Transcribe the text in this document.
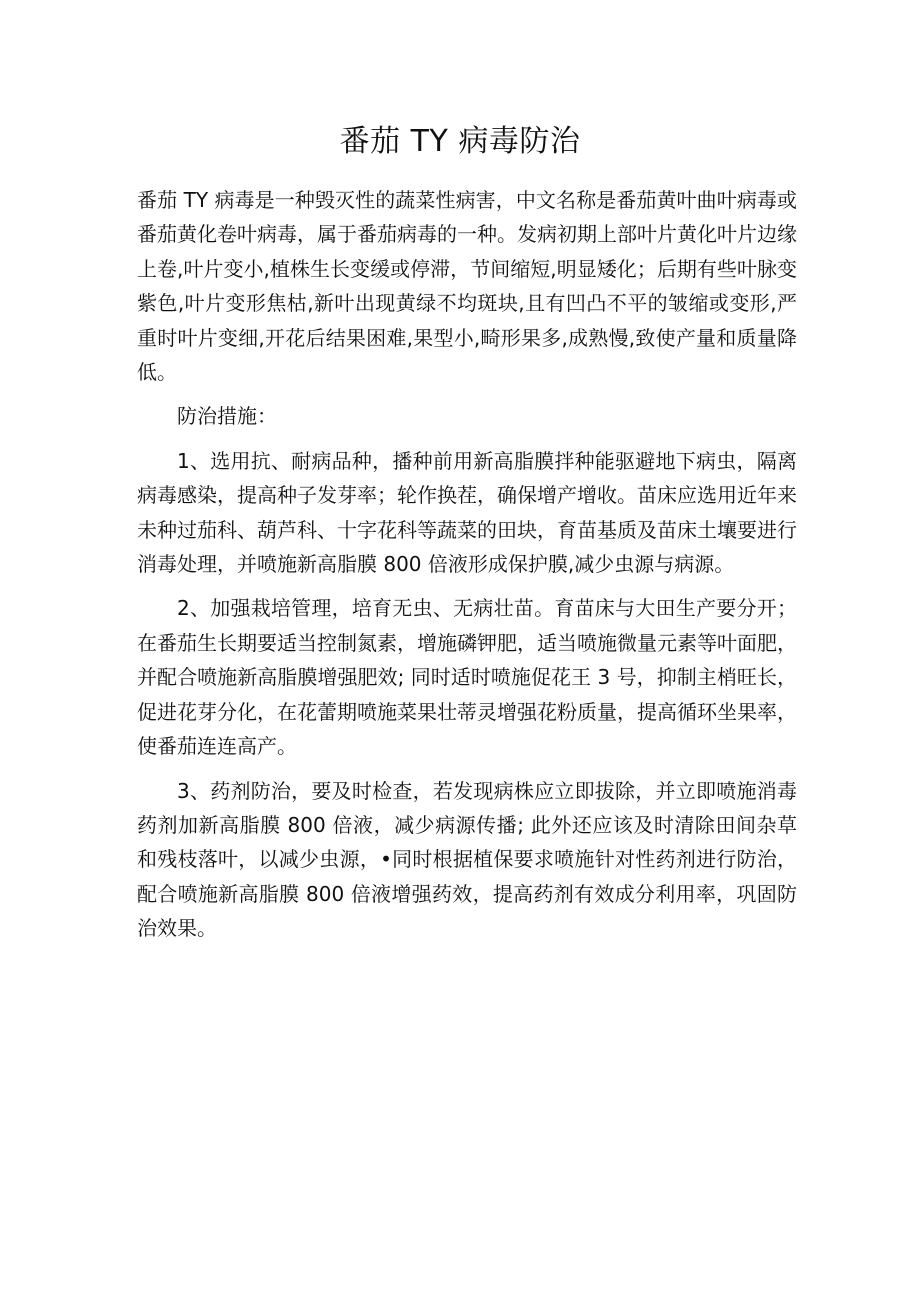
番茄 TY 病毒防治

番茄 TY 病毒是一种毁灭性的蔬菜性病害，中文名称是番茄黄叶曲叶病毒或番茄黄化卷叶病毒，属于番茄病毒的一种。发病初期上部叶片黄化叶片边缘上卷,叶片变小,植株生长变缓或停滞，节间缩短,明显矮化；后期有些叶脉变紫色,叶片变形焦枯,新叶出现黄绿不均斑块,且有凹凸不平的皱缩或变形,严重时叶片变细,开花后结果困难,果型小,畸形果多,成熟慢,致使产量和质量降低。

防治措施：

1、选用抗、耐病品种，播种前用新高脂膜拌种能驱避地下病虫，隔离病毒感染，提高种子发芽率；轮作换茬，确保增产增收。苗床应选用近年来未种过茄科、葫芦科、十字花科等蔬菜的田块，育苗基质及苗床土壤要进行消毒处理，并喷施新高脂膜 800 倍液形成保护膜,减少虫源与病源。

2、加强栽培管理，培育无虫、无病壮苗。育苗床与大田生产要分开；在番茄生长期要适当控制氮素，增施磷钾肥，适当喷施微量元素等叶面肥，并配合喷施新高脂膜增强肥效; 同时适时喷施促花王 3 号，抑制主梢旺长，促进花芽分化，在花蕾期喷施菜果壮蒂灵增强花粉质量，提高循环坐果率，使番茄连连高产。

3、药剂防治，要及时检查，若发现病株应立即拔除，并立即喷施消毒药剂加新高脂膜 800 倍液，减少病源传播; 此外还应该及时清除田间杂草和残枝落叶，以减少虫源，•同时根据植保要求喷施针对性药剂进行防治，配合喷施新高脂膜 800 倍液增强药效，提高药剂有效成分利用率，巩固防治效果。
